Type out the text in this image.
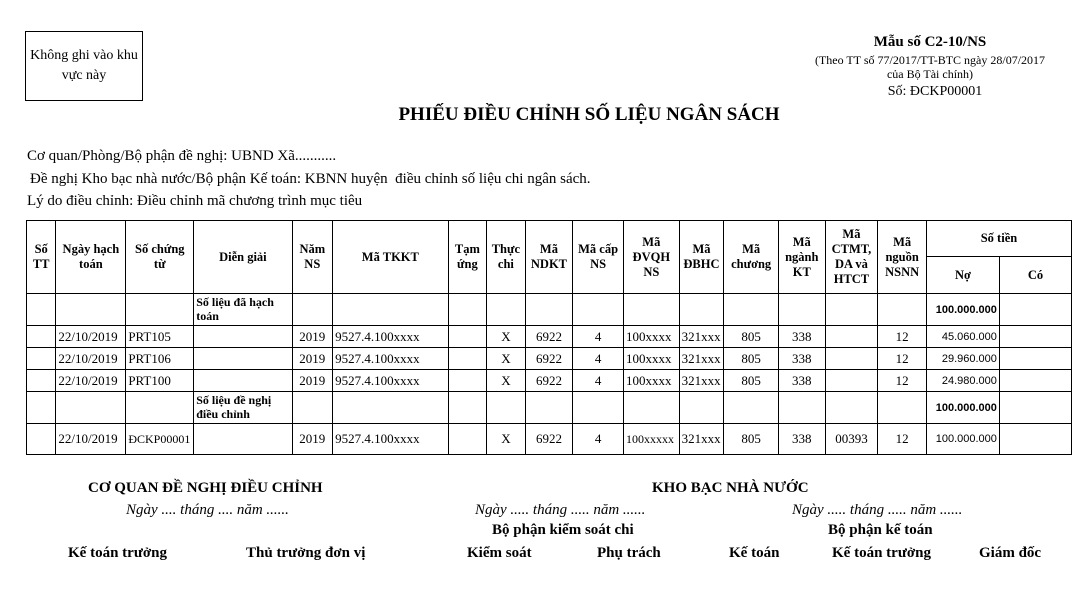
Không ghi vào khu vực này
Mẫu số C2-10/NS
(Theo TT số 77/2017/TT-BTC ngày 28/07/2017
của Bộ Tài chính)
Số: ĐCKP00001
PHIẾU ĐIỀU CHỈNH SỐ LIỆU NGÂN SÁCH
Cơ quan/Phòng/Bộ phận đề nghị: UBND Xã...........
Đề nghị Kho bạc nhà nước/Bộ phận Kế toán: KBNN huyện  điều chỉnh số liệu chi ngân sách.
Lý do điều chỉnh: Điều chỉnh mã chương trình mục tiêu
Số TT	Ngày hạch toán	Số chứng từ	Diễn giải	Năm NS	Mã TKKT	Tạm ứng	Thực chi	Mã NDKT	Mã cấp NS	Mã ĐVQH NS	Mã ĐBHC	Mã chương	Mã ngành KT	Mã CTMT, DA và HTCT	Mã nguồn NSNN	Số tiền	
																Nợ	Có
			Số liệu đã hạch toán													100.000.000	
	22/10/2019	PRT105		2019	9527.4.100xxxx		X	6922	4	100xxxx	321xxx	805	338		12	45.060.000	
	22/10/2019	PRT106		2019	9527.4.100xxxx		X	6922	4	100xxxx	321xxx	805	338		12	29.960.000	
	22/10/2019	PRT100		2019	9527.4.100xxxx		X	6922	4	100xxxx	321xxx	805	338		12	24.980.000	
			Số liệu đề nghị điều chỉnh													100.000.000	
	22/10/2019	ĐCKP00001		2019	9527.4.100xxxx		X	6922	4	100xxxxx	321xxx	805	338	00393	12	100.000.000	
CƠ QUAN ĐỀ NGHỊ ĐIỀU CHỈNH
Ngày .... tháng .... năm ......
KHO BẠC NHÀ NƯỚC
Ngày ..... tháng ..... năm ......	Ngày ..... tháng ..... năm ......
Bộ phận kiểm soát chi	Bộ phận kế toán
Kế toán trưởng	Thủ trưởng đơn vị	Kiểm soát	Phụ trách	Kế toán	Kế toán trưởng	Giám đốc
